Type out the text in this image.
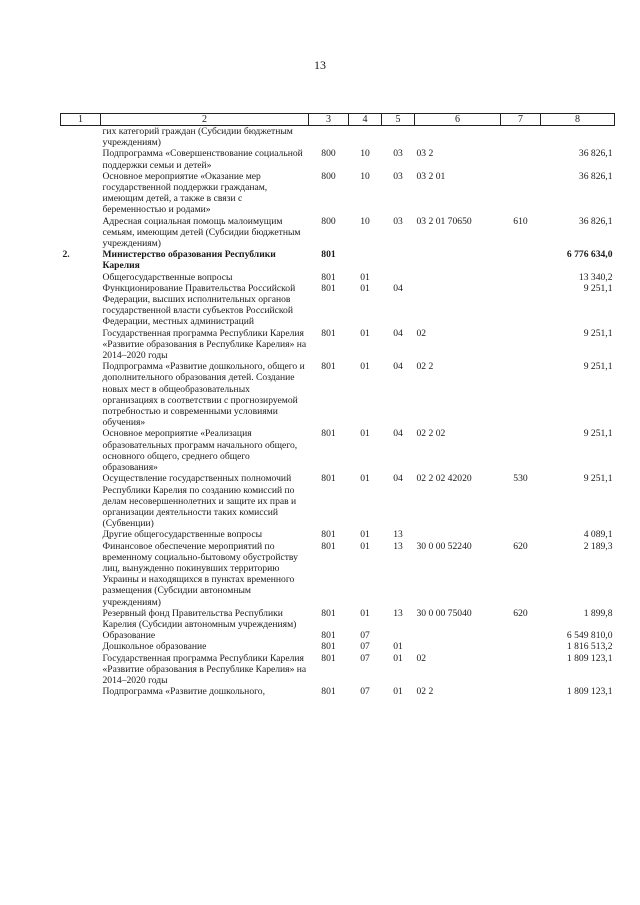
13
1	2	3	4	5	6	7	8
	гих категорий граждан (Субсидии бюджетным учреждениям)						
	Подпрограмма «Совершенствование социальной поддержки семьи и детей»	800	10	03	03 2		36 826,1
	Основное мероприятие «Оказание мер государственной поддержки гражданам, имеющим детей, а также в связи с беременностью и родами»	800	10	03	03 2 01		36 826,1
	Адресная социальная помощь малоимущим семьям, имеющим детей (Субсидии бюджетным учреждениям)	800	10	03	03 2 01 70650	610	36 826,1
2.	Министерство образования Республики Карелия	801					6 776 634,0
	Общегосударственные вопросы	801	01				13 340,2
	Функционирование Правительства Российской Федерации, высших исполнительных органов государственной власти субъектов Российской Федерации, местных администраций	801	01	04			9 251,1
	Государственная программа Республики Карелия «Развитие образования в Республике Карелия» на 2014–2020 годы	801	01	04	02		9 251,1
	Подпрограмма «Развитие дошкольного, общего и дополнительного образования детей. Создание новых мест в общеобразовательных организациях в соответствии с прогнозируемой потребностью и современными условиями обучения»	801	01	04	02 2		9 251,1
	Основное мероприятие «Реализация образовательных программ начального общего, основного общего, среднего общего образования»	801	01	04	02 2 02		9 251,1
	Осуществление государственных полномочий Республики Карелия по созданию комиссий по делам несовершеннолетних и защите их прав и организации деятельности таких комиссий (Субвенции)	801	01	04	02 2 02 42020	530	9 251,1
	Другие общегосударственные вопросы	801	01	13			4 089,1
	Финансовое обеспечение мероприятий по временному социально-бытовому обустройству лиц, вынужденно покинувших территорию Украины и находящихся в пунктах временного размещения (Субсидии автономным учреждениям)	801	01	13	30 0 00 52240	620	2 189,3
	Резервный фонд Правительства Республики Карелия (Субсидии автономным учреждениям)	801	01	13	30 0 00 75040	620	1 899,8
	Образование	801	07				6 549 810,0
	Дошкольное образование	801	07	01			1 816 513,2
	Государственная программа Республики Карелия «Развитие образования в Республике Карелия» на 2014–2020 годы	801	07	01	02		1 809 123,1
	Подпрограмма «Развитие дошкольного,	801	07	01	02 2		1 809 123,1
